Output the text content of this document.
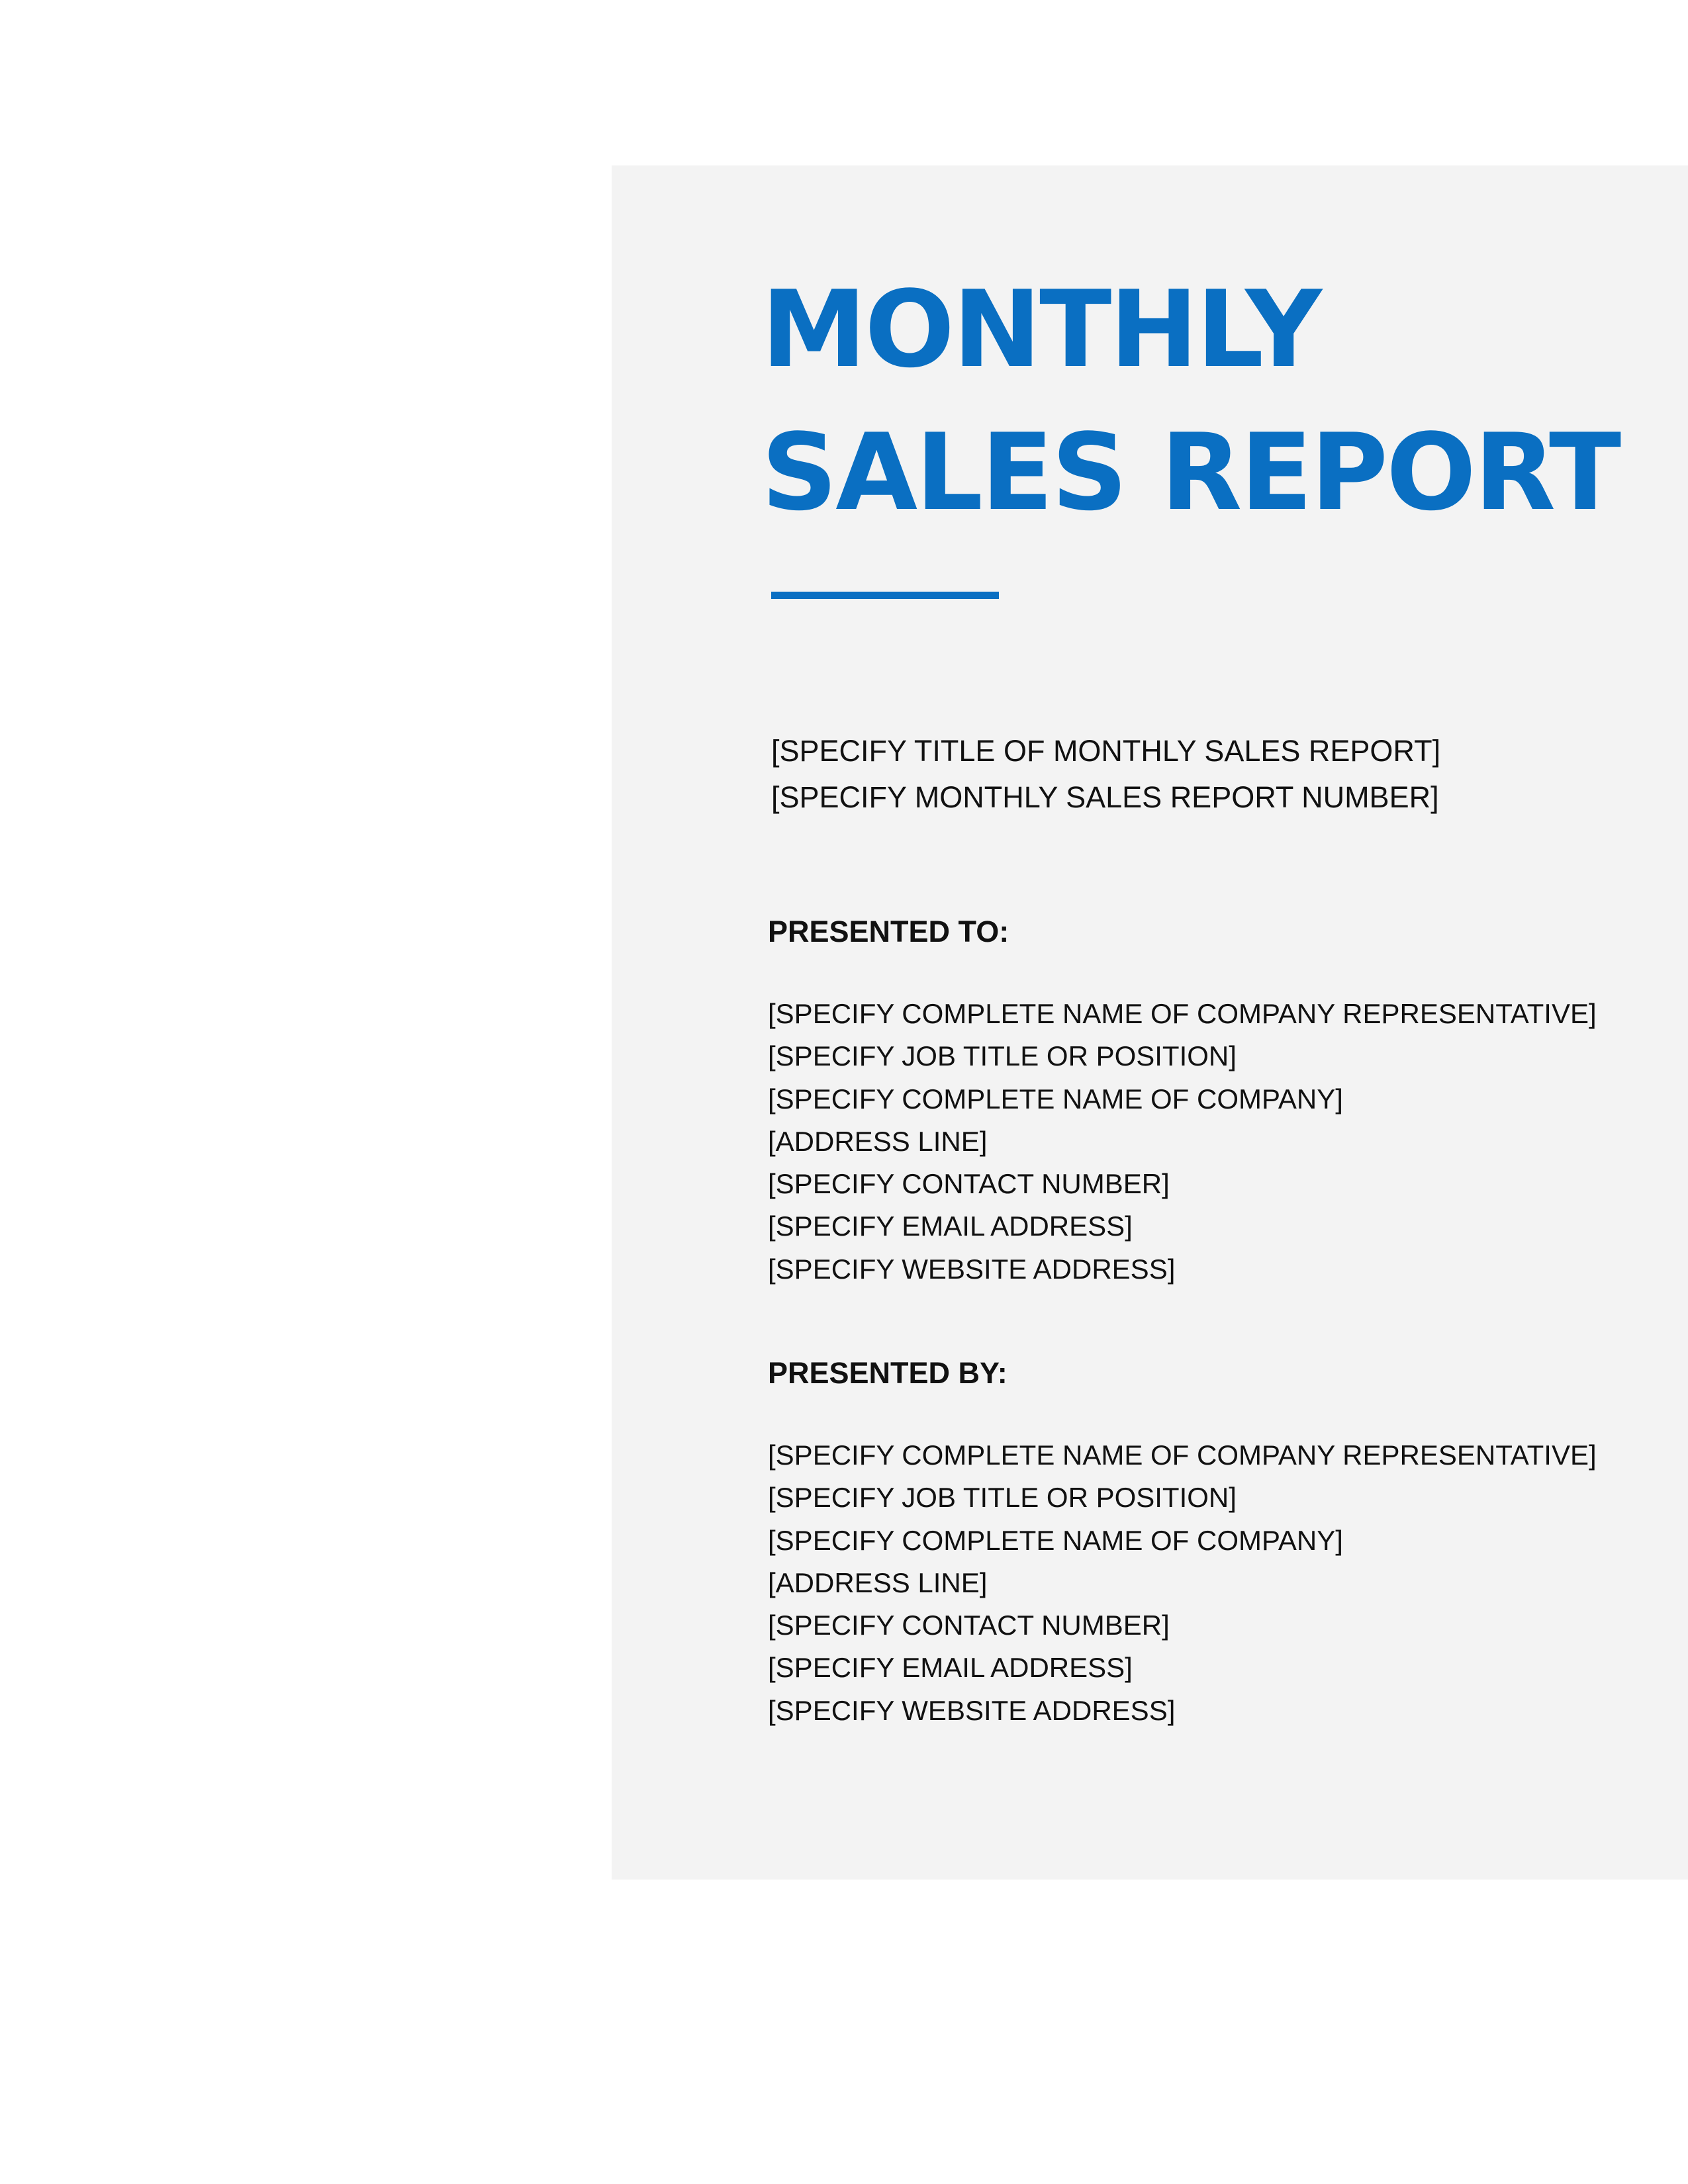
MONTHLY
SALES REPORT
[SPECIFY TITLE OF MONTHLY SALES REPORT]
[SPECIFY MONTHLY SALES REPORT NUMBER]
PRESENTED TO:
[SPECIFY COMPLETE NAME OF COMPANY REPRESENTATIVE]
[SPECIFY JOB TITLE OR POSITION]
[SPECIFY COMPLETE NAME OF COMPANY]
[ADDRESS LINE]
[SPECIFY CONTACT NUMBER]
[SPECIFY EMAIL ADDRESS]
[SPECIFY WEBSITE ADDRESS]
PRESENTED BY:
[SPECIFY COMPLETE NAME OF COMPANY REPRESENTATIVE]
[SPECIFY JOB TITLE OR POSITION]
[SPECIFY COMPLETE NAME OF COMPANY]
[ADDRESS LINE]
[SPECIFY CONTACT NUMBER]
[SPECIFY EMAIL ADDRESS]
[SPECIFY WEBSITE ADDRESS]
